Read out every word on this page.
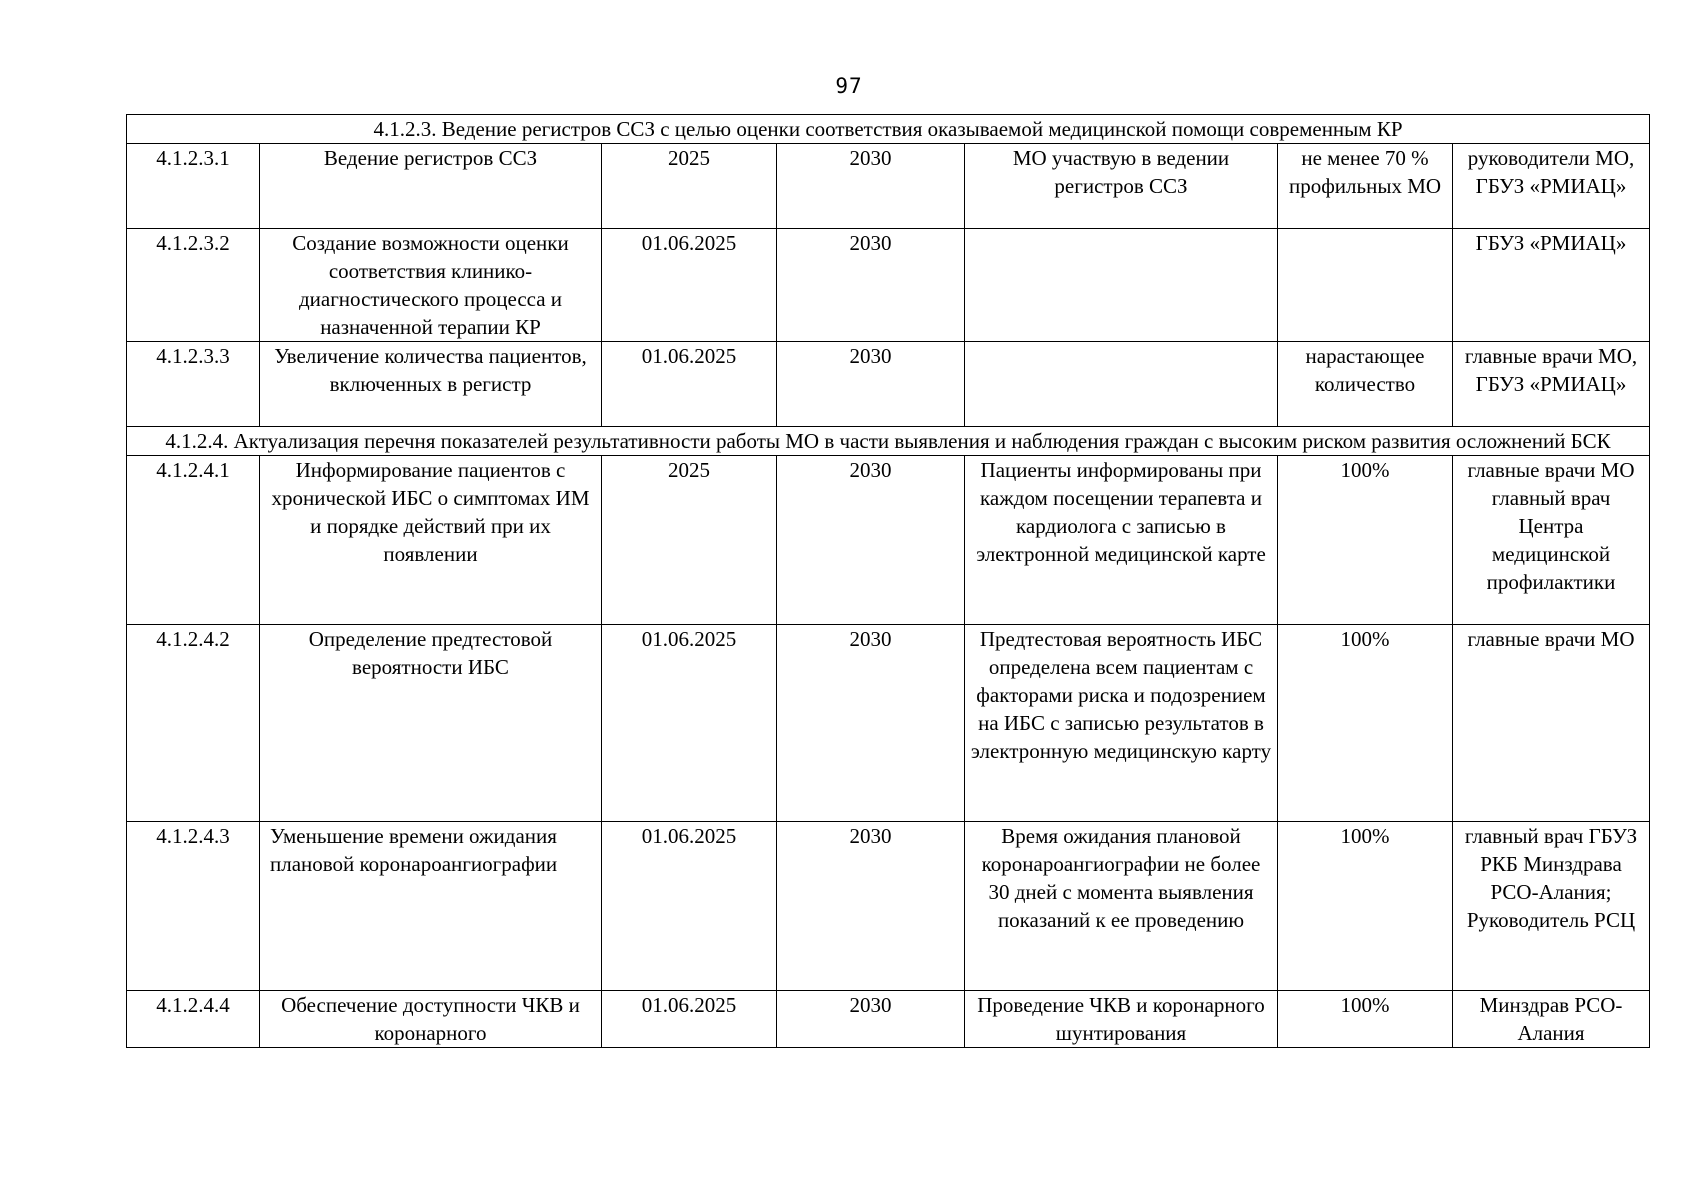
97
4.1.2.3. Ведение регистров ССЗ с целью оценки соответствия оказываемой медицинской помощи современным КР						
4.1.2.3.1	Ведение регистров ССЗ	2025	2030	МО участвую в ведении регистров ССЗ	не менее 70 % профильных МО	руководители МО, ГБУЗ «РМИАЦ»
4.1.2.3.2	Создание возможности оценки соответствия клинико-диагностического процесса и назначенной терапии КР	01.06.2025	2030			ГБУЗ «РМИАЦ»
4.1.2.3.3	Увеличение количества пациентов, включенных в регистр	01.06.2025	2030		нарастающее количество	главные врачи МО, ГБУЗ «РМИАЦ»
4.1.2.4. Актуализация перечня показателей результативности работы МО в части выявления и наблюдения граждан с высоким риском развития осложнений БСК						
4.1.2.4.1	Информирование пациентов с хронической ИБС о симптомах ИМ и порядке действий при их появлении	2025	2030	Пациенты информированы при каждом посещении терапевта и кардиолога с записью в электронной медицинской карте	100%	главные врачи МО главный врач Центра медицинской профилактики
4.1.2.4.2	Определение предтестовой вероятности ИБС	01.06.2025	2030	Предтестовая вероятность ИБС определена всем пациентам с факторами риска и подозрением на ИБС с записью результатов в электронную медицинскую карту	100%	главные врачи МО
4.1.2.4.3	Уменьшение времени ожидания плановой коронароангиографии	01.06.2025	2030	Время ожидания плановой коронароангиографии не более 30 дней с момента выявления показаний к ее проведению	100%	главный врач ГБУЗ РКБ Минздрава РСО-Алания; Руководитель РСЦ
4.1.2.4.4	Обеспечение доступности ЧКВ и коронарного	01.06.2025	2030	Проведение ЧКВ и коронарного шунтирования	100%	Минздрав РСО-Алания
